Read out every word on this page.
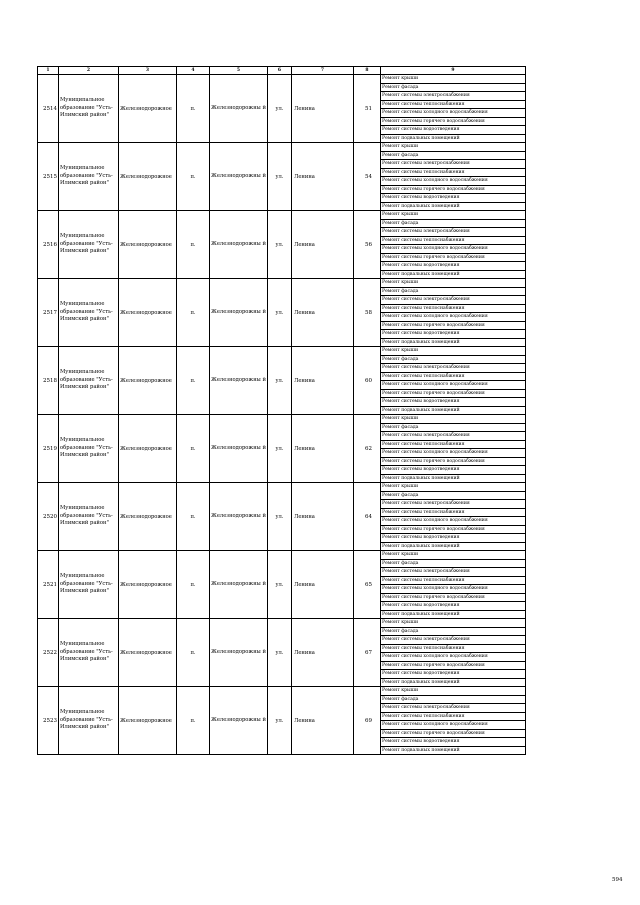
1	2	3	4	5	6	7	8	9
2514	Муниципальное образование "Усть-Илимский район"	Железнодорожное	п.	Железнодорожны й	ул.	Ленина	51	Ремонт крыши
								Ремонт фасада
								Ремонт системы электроснабжения
								Ремонт системы теплоснабжения
								Ремонт системы холодного водоснабжения
								Ремонт системы горячего водоснабжения
								Ремонт системы водоотведения
								Ремонт подвальных помещений
2515	Муниципальное образование "Усть-Илимский район"	Железнодорожное	п.	Железнодорожны й	ул.	Ленина	54	Ремонт крыши
								Ремонт фасада
								Ремонт системы электроснабжения
								Ремонт системы теплоснабжения
								Ремонт системы холодного водоснабжения
								Ремонт системы горячего водоснабжения
								Ремонт системы водоотведения
								Ремонт подвальных помещений
2516	Муниципальное образование "Усть-Илимский район"	Железнодорожное	п.	Железнодорожны й	ул.	Ленина	56	Ремонт крыши
								Ремонт фасада
								Ремонт системы электроснабжения
								Ремонт системы теплоснабжения
								Ремонт системы холодного водоснабжения
								Ремонт системы горячего водоснабжения
								Ремонт системы водоотведения
								Ремонт подвальных помещений
2517	Муниципальное образование "Усть-Илимский район"	Железнодорожное	п.	Железнодорожны й	ул.	Ленина	58	Ремонт крыши
								Ремонт фасада
								Ремонт системы электроснабжения
								Ремонт системы теплоснабжения
								Ремонт системы холодного водоснабжения
								Ремонт системы горячего водоснабжения
								Ремонт системы водоотведения
								Ремонт подвальных помещений
2518	Муниципальное образование "Усть-Илимский район"	Железнодорожное	п.	Железнодорожны й	ул.	Ленина	60	Ремонт крыши
								Ремонт фасада
								Ремонт системы электроснабжения
								Ремонт системы теплоснабжения
								Ремонт системы холодного водоснабжения
								Ремонт системы горячего водоснабжения
								Ремонт системы водоотведения
								Ремонт подвальных помещений
2519	Муниципальное образование "Усть-Илимский район"	Железнодорожное	п.	Железнодорожны й	ул.	Ленина	62	Ремонт крыши
								Ремонт фасада
								Ремонт системы электроснабжения
								Ремонт системы теплоснабжения
								Ремонт системы холодного водоснабжения
								Ремонт системы горячего водоснабжения
								Ремонт системы водоотведения
								Ремонт подвальных помещений
2520	Муниципальное образование "Усть-Илимский район"	Железнодорожное	п.	Железнодорожны й	ул.	Ленина	64	Ремонт крыши
								Ремонт фасада
								Ремонт системы электроснабжения
								Ремонт системы теплоснабжения
								Ремонт системы холодного водоснабжения
								Ремонт системы горячего водоснабжения
								Ремонт системы водоотведения
								Ремонт подвальных помещений
2521	Муниципальное образование "Усть-Илимский район"	Железнодорожное	п.	Железнодорожны й	ул.	Ленина	65	Ремонт крыши
								Ремонт фасада
								Ремонт системы электроснабжения
								Ремонт системы теплоснабжения
								Ремонт системы холодного водоснабжения
								Ремонт системы горячего водоснабжения
								Ремонт системы водоотведения
								Ремонт подвальных помещений
2522	Муниципальное образование "Усть-Илимский район"	Железнодорожное	п.	Железнодорожны й	ул.	Ленина	67	Ремонт крыши
								Ремонт фасада
								Ремонт системы электроснабжения
								Ремонт системы теплоснабжения
								Ремонт системы холодного водоснабжения
								Ремонт системы горячего водоснабжения
								Ремонт системы водоотведения
								Ремонт подвальных помещений
2523	Муниципальное образование "Усть-Илимский район"	Железнодорожное	п.	Железнодорожны й	ул.	Ленина	69	Ремонт крыши
								Ремонт фасада
								Ремонт системы электроснабжения
								Ремонт системы теплоснабжения
								Ремонт системы холодного водоснабжения
								Ремонт системы горячего водоснабжения
								Ремонт системы водоотведения
								Ремонт подвальных помещений
594
